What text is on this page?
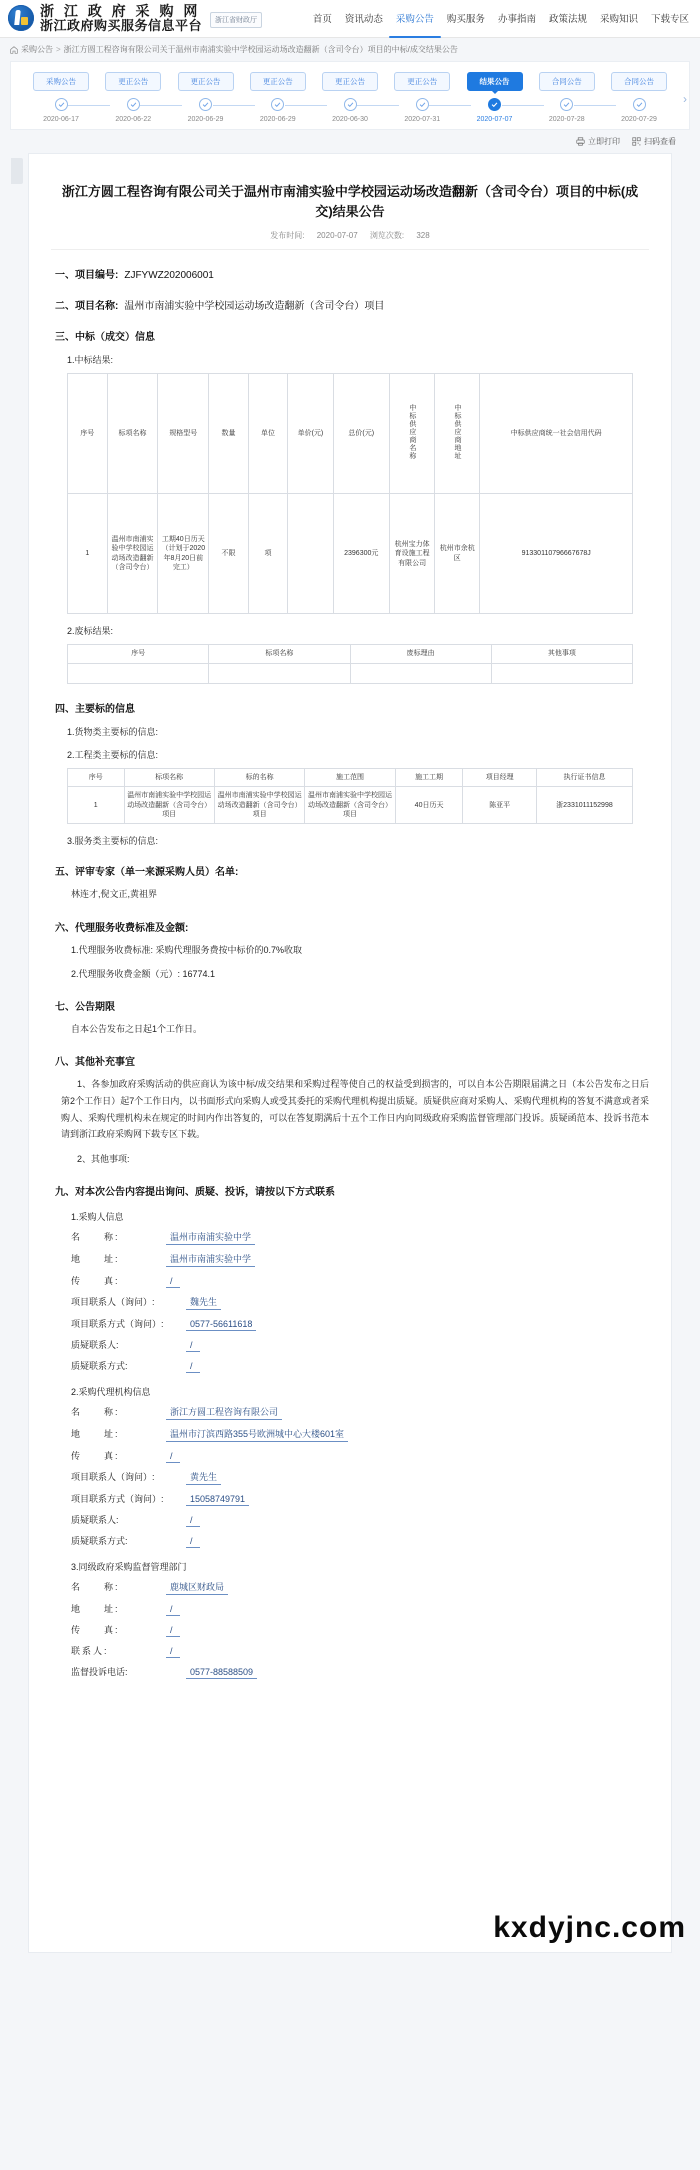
浙 江 政 府 采 购 网
浙江政府购买服务信息平台	浙江省财政厅	首页 资讯动态 采购公告 购买服务 办事指南 政策法规 采购知识 下载专区
采购公告 > 浙江方圆工程咨询有限公司关于温州市南浦实验中学校园运动场改造翻新（含司令台）项目的中标/成交结果公告
采购公告	更正公告	更正公告	更正公告	更正公告	更正公告	结果公告	合同公告	合同公告
2020-06-17	2020-06-22	2020-06-29	2020-06-29	2020-06-30	2020-07-31	2020-07-07	2020-07-28	2020-07-29
›
立即打印	扫码查看
浙江方圆工程咨询有限公司关于温州市南浦实验中学校园运动场改造翻新（含司令台）项目的中标(成交)结果公告
发布时间: 2020-07-07 浏览次数: 328
一、项目编号: ZJFYWZ202006001
二、项目名称: 温州市南浦实验中学校园运动场改造翻新（含司令台）项目
三、中标（成交）信息
1.中标结果:
序号	标项名称	规格型号	数量	单位	单价(元)	总价(元)	中标供应商名称	中标供应商地址	中标供应商统一社会信用代码
1	温州市南浦实验中学校园运动场改造翻新（含司令台）	工期40日历天（计划于2020年8月20日前完工）	不限	项		2396300元	杭州宝力体育设施工程有限公司	杭州市余杭区	91330110796667678J
2.废标结果:
序号	标项名称	废标理由	其他事项

四、主要标的信息
1.货物类主要标的信息:
2.工程类主要标的信息:
序号	标项名称	标的名称	施工范围	施工工期	项目经理	执行证书信息
1	温州市南浦实验中学校园运动场改造翻新（含司令台）项目	温州市南浦实验中学校园运动场改造翻新（含司令台）项目	温州市南浦实验中学校园运动场改造翻新（含司令台）项目	40日历天	陈亚平	浙2331011152998
3.服务类主要标的信息:
五、评审专家（单一来源采购人员）名单:
林连才,倪文正,黄祖界
六、代理服务收费标准及金额:
1.代理服务收费标准: 采购代理服务费按中标价的0.7%收取
2.代理服务收费金额（元）: 16774.1
七、公告期限
自本公告发布之日起1个工作日。
八、其他补充事宜
1、各参加政府采购活动的供应商认为该中标/成交结果和采购过程等使自己的权益受到损害的，可以自本公告期限届满之日（本公告发布之日后第2个工作日）起7个工作日内，以书面形式向采购人或受其委托的采购代理机构提出质疑。质疑供应商对采购人、采购代理机构的答复不满意或者采购人、采购代理机构未在规定的时间内作出答复的，可以在答复期满后十五个工作日内向同级政府采购监督管理部门投诉。质疑函范本、投诉书范本请到浙江政府采购网下载专区下载。
2、其他事项:
九、对本次公告内容提出询问、质疑、投诉，请按以下方式联系
1.采购人信息
名　　称:	温州市南浦实验中学
地　　址:	温州市南浦实验中学
传　　真:	/
项目联系人（询问）:	魏先生
项目联系方式（询问）:	0577-56611618
质疑联系人:	/
质疑联系方式:	/
2.采购代理机构信息
名　　称:	浙江方圆工程咨询有限公司
地　　址:	温州市汀滨西路355号欧洲城中心大楼601室
传　　真:	/
项目联系人（询问）:	黄先生
项目联系方式（询问）:	15058749791
质疑联系人:	/
质疑联系方式:	/
3.同级政府采购监督管理部门
名　　称:	鹿城区财政局
地　　址:	/
传　　真:	/
联系人:	/
监督投诉电话:	0577-88588509
kxdyjnc.com
